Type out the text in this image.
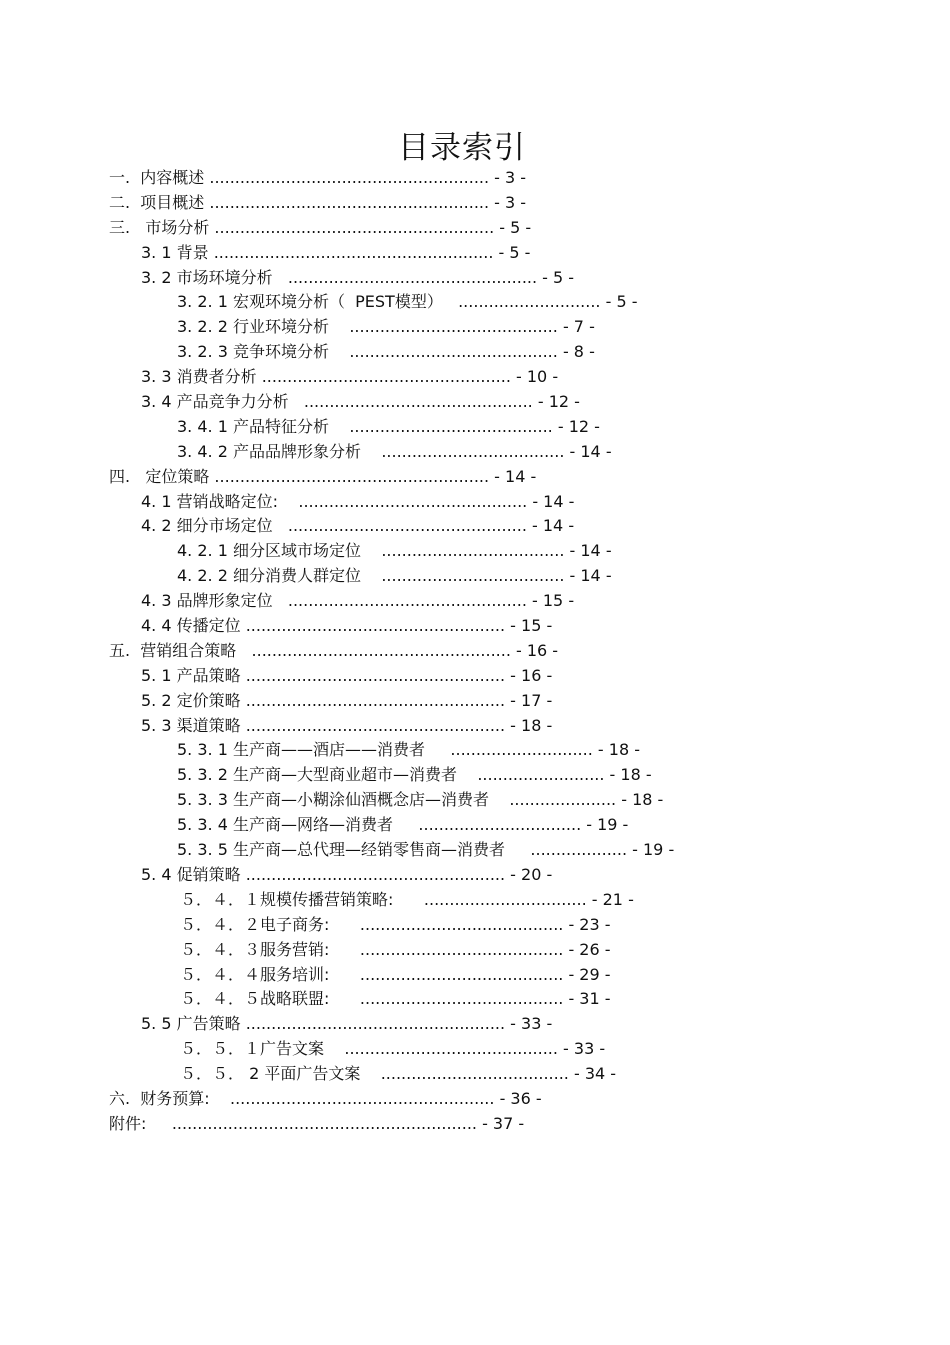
目录索引
一.  内容概述 ....................................................... - 3 -
二.  项目概述 ....................................................... - 3 -
三.   市场分析 ....................................................... - 5 -
3. 1 背景 ....................................................... - 5 -
3. 2 市场环境分析   ................................................. - 5 -
3. 2. 1 宏观环境分析（  PEST模型）   ............................ - 5 -
3. 2. 2 行业环境分析    ......................................... - 7 -
3. 2. 3 竞争环境分析    ......................................... - 8 -
3. 3 消费者分析 ................................................. - 10 -
3. 4 产品竞争力分析   ............................................. - 12 -
3. 4. 1 产品特征分析    ........................................ - 12 -
3. 4. 2 产品品牌形象分析    .................................... - 14 -
四.   定位策略 ...................................................... - 14 -
4. 1 营销战略定位:    ............................................. - 14 -
4. 2 细分市场定位   ............................................... - 14 -
4. 2. 1 细分区域市场定位    .................................... - 14 -
4. 2. 2 细分消费人群定位    .................................... - 14 -
4. 3 品牌形象定位   ............................................... - 15 -
4. 4 传播定位 ................................................... - 15 -
五.  营销组合策略   ................................................... - 16 -
5. 1 产品策略 ................................................... - 16 -
5. 2 定价策略 ................................................... - 17 -
5. 3 渠道策略 ................................................... - 18 -
5. 3. 1 生产商——酒店——消费者     ............................ - 18 -
5. 3. 2 生产商—大型商业超市—消费者    ......................... - 18 -
5. 3. 3 生产商—小糊涂仙酒概念店—消费者    ..................... - 18 -
5. 3. 4 生产商—网络—消费者     ................................ - 19 -
5. 3. 5 生产商—总代理—经销零售商—消费者     ................... - 19 -
5. 4 促销策略 ................................................... - 20 -
５．４．１规模传播营销策略:      ................................ - 21 -
５．４．２电子商务:      ........................................ - 23 -
５．４．３服务营销:      ........................................ - 26 -
５．４．４服务培训:      ........................................ - 29 -
５．４．５战略联盟:      ........................................ - 31 -
5. 5 广告策略 ................................................... - 33 -
５．５．１广告文案    .......................................... - 33 -
５．５． 2 平面广告文案    ..................................... - 34 -
六.  财务预算:    .................................................... - 36 -
附件:     ............................................................ - 37 -
